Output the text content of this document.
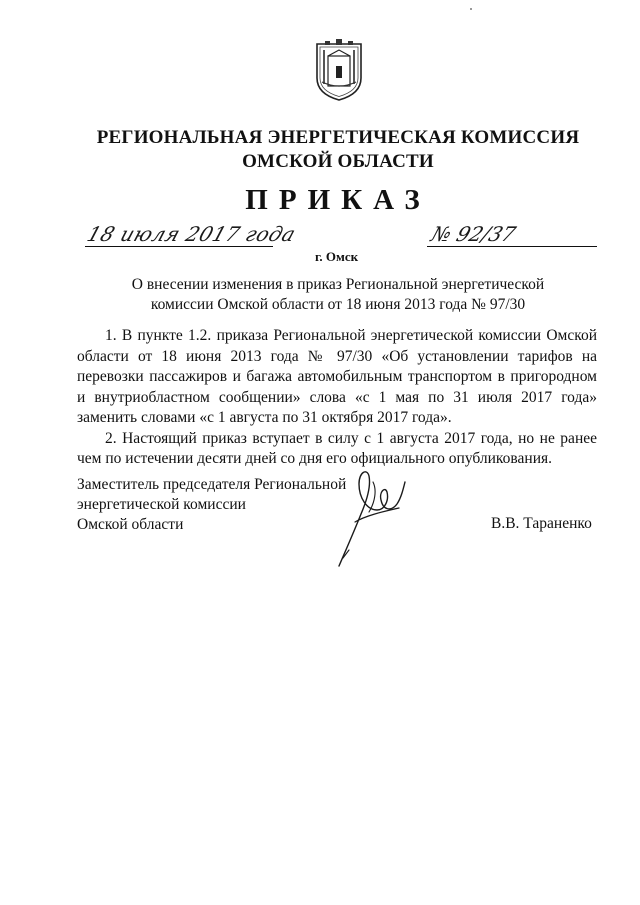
РЕГИОНАЛЬНАЯ ЭНЕРГЕТИЧЕСКАЯ КОМИССИЯ
ОМСКОЙ ОБЛАСТИ
ПРИКАЗ
18 июля 2017 года
г. Омск
№ 92/37
О внесении изменения в приказ Региональной энергетической
комиссии Омской области от 18 июня 2013 года № 97/30

1. В пункте 1.2. приказа Региональной энергетической комиссии Омской области от 18 июня 2013 года № 97/30 «Об установлении тарифов на перевозки пассажиров и багажа автомобильным транспортом в пригородном и внутриобластном сообщении» слова «с 1 мая по 31 июля 2017 года» заменить словами «с 1 августа по 31 октября 2017 года».

2. Настоящий приказ вступает в силу с 1 августа 2017 года, но не ранее чем по истечении десяти дней со дня его официального опубликования.

Заместитель председателя Региональной
энергетической комиссии
Омской области	В.В. Тараненко
